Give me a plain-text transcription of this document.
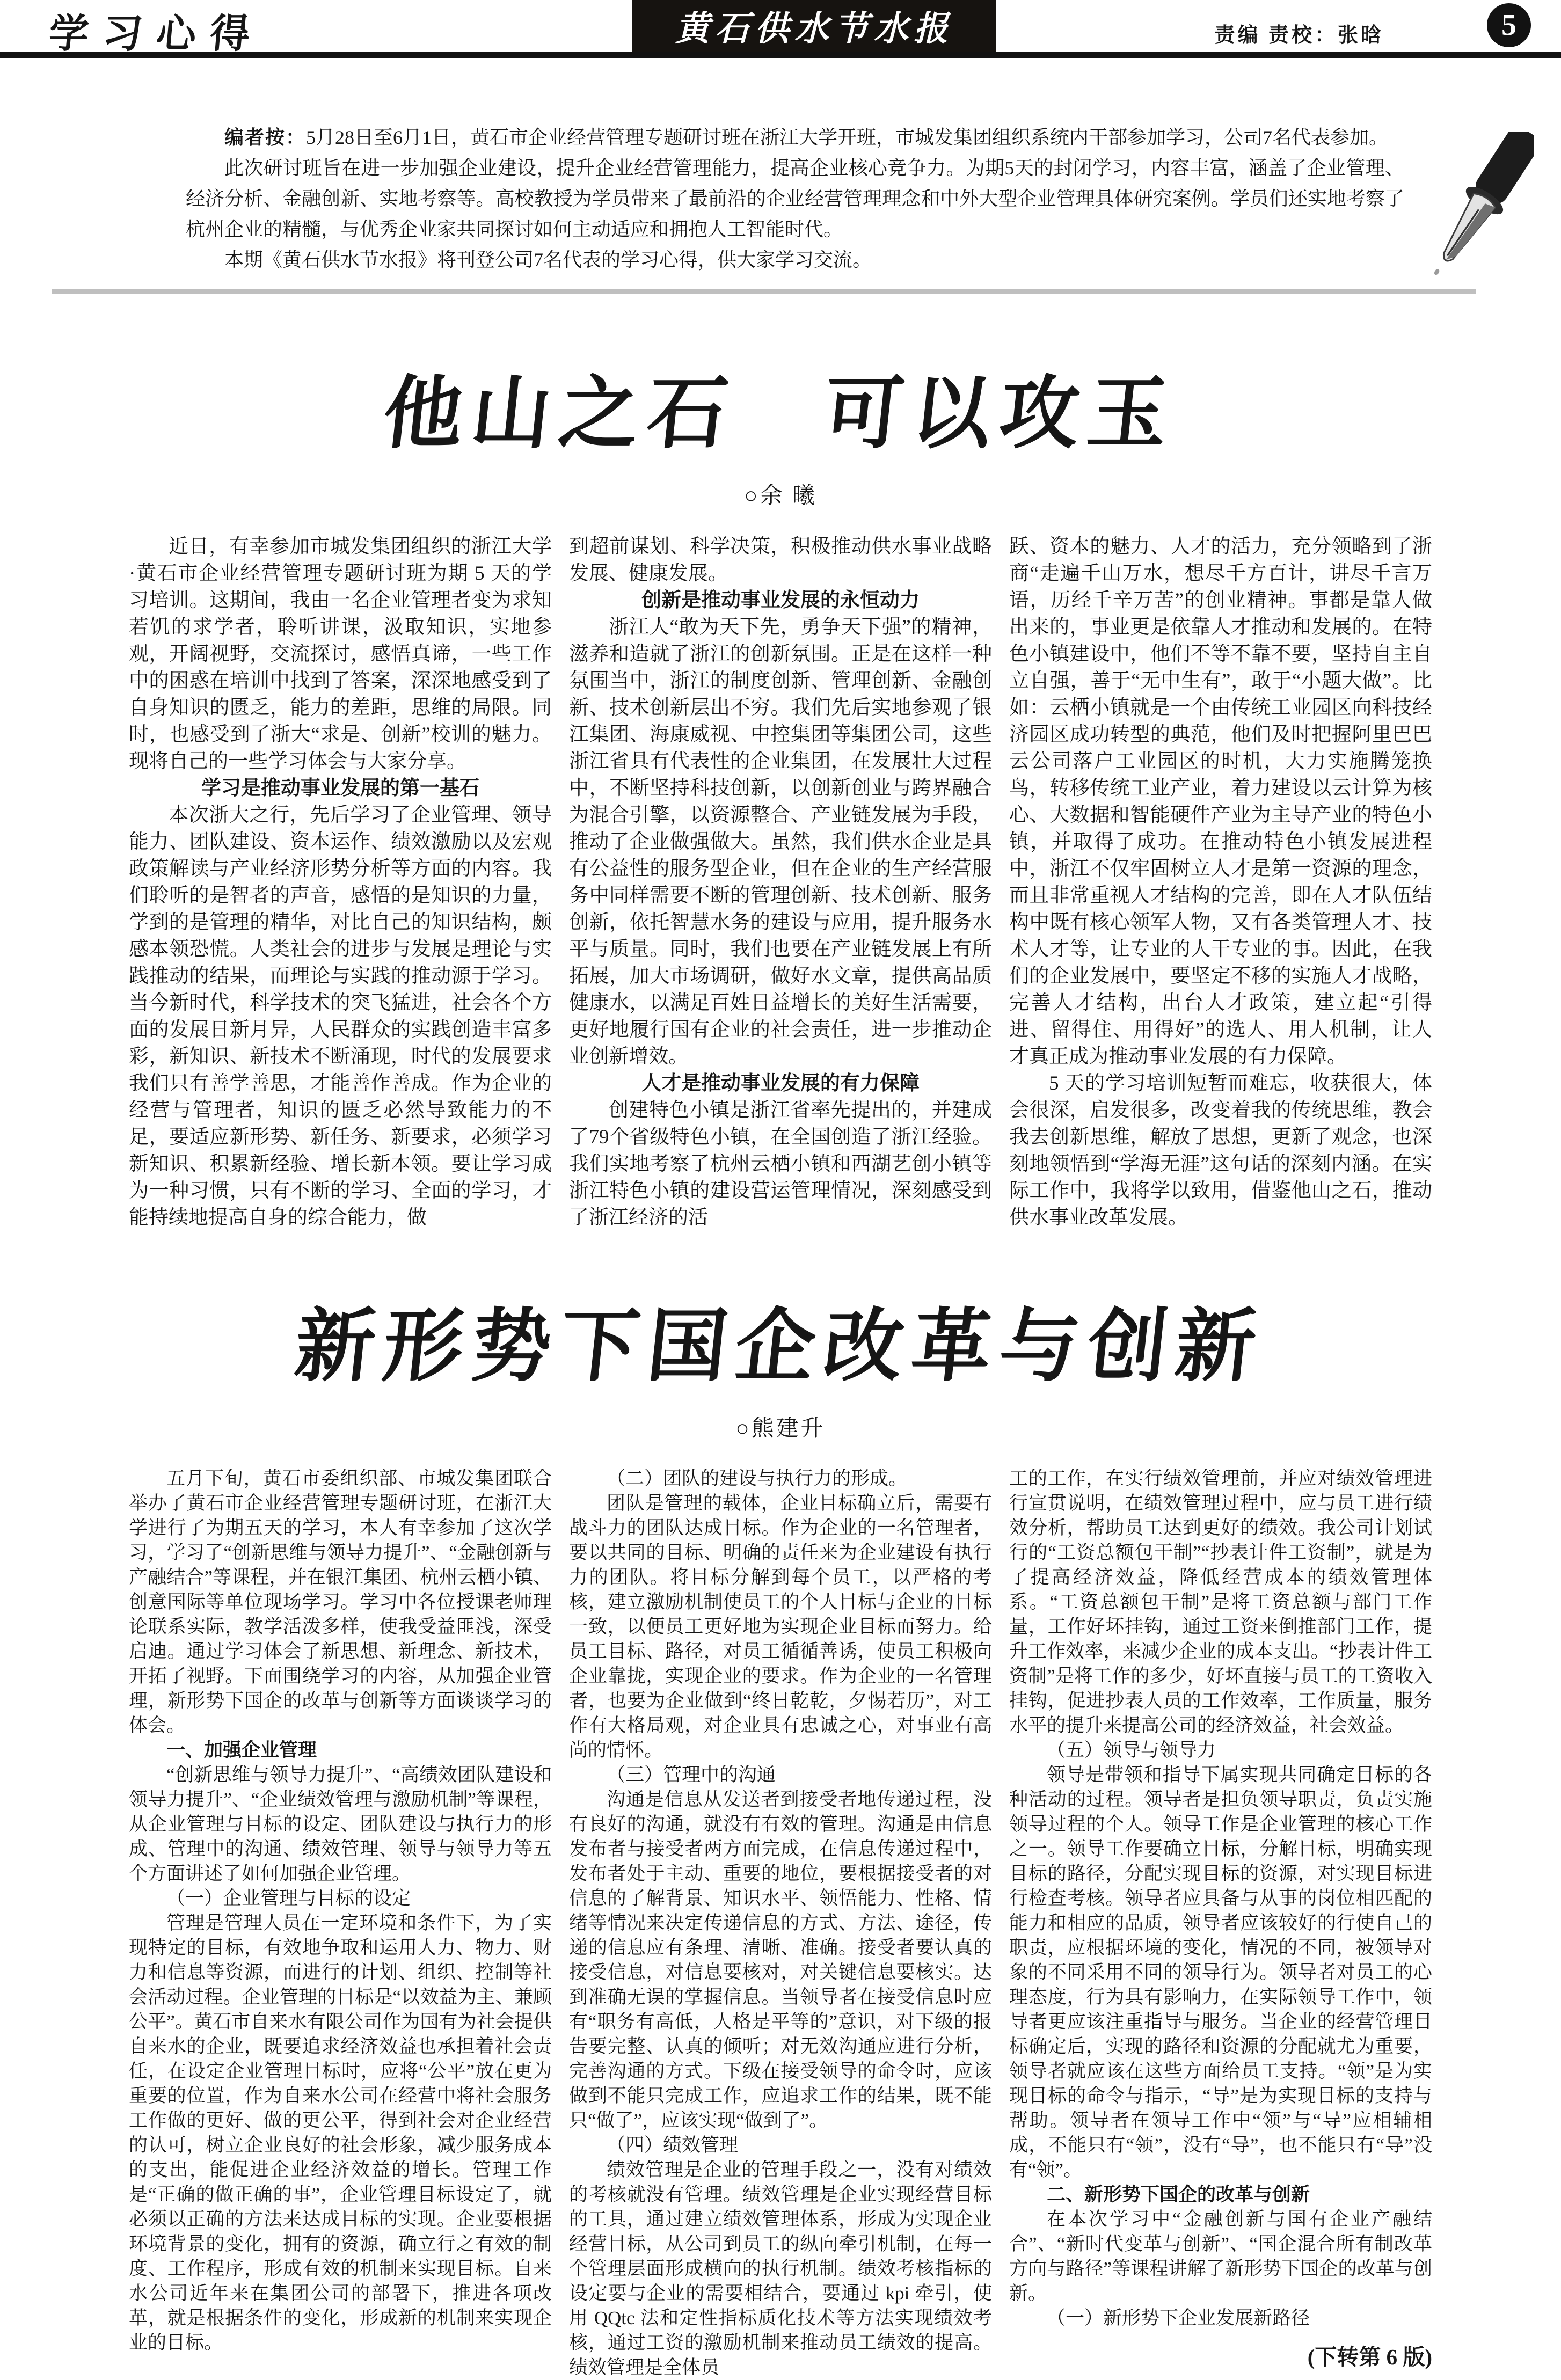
学习心得	黄石供水节水报	责编 责校：张晗	5

编者按：5月28日至6月1日，黄石市企业经营管理专题研讨班在浙江大学开班，市城发集团组织系统内干部参加学习，公司7名代表参加。

此次研讨班旨在进一步加强企业建设，提升企业经营管理能力，提高企业核心竞争力。为期5天的封闭学习，内容丰富，涵盖了企业管理、经济分析、金融创新、实地考察等。高校教授为学员带来了最前沿的企业经营管理理念和中外大型企业管理具体研究案例。学员们还实地考察了杭州企业的精髓，与优秀企业家共同探讨如何主动适应和拥抱人工智能时代。

本期《黄石供水节水报》将刊登公司7名代表的学习心得，供大家学习交流。

他山之石　可以攻玉
○余 曦
近日，有幸参加市城发集团组织的浙江大学·黄石市企业经营管理专题研讨班为期 5 天的学习培训。这期间，我由一名企业管理者变为求知若饥的求学者，聆听讲课，汲取知识，实地参观，开阔视野，交流探讨，感悟真谛，一些工作中的困惑在培训中找到了答案，深深地感受到了自身知识的匮乏，能力的差距，思维的局限。同时，也感受到了浙大“求是、创新”校训的魅力。现将自己的一些学习体会与大家分享。
学习是推动事业发展的第一基石
本次浙大之行，先后学习了企业管理、领导能力、团队建设、资本运作、绩效激励以及宏观政策解读与产业经济形势分析等方面的内容。我们聆听的是智者的声音，感悟的是知识的力量，学到的是管理的精华，对比自己的知识结构，颇感本领恐慌。人类社会的进步与发展是理论与实践推动的结果，而理论与实践的推动源于学习。当今新时代，科学技术的突飞猛进，社会各个方面的发展日新月异，人民群众的实践创造丰富多彩，新知识、新技术不断涌现，时代的发展要求我们只有善学善思，才能善作善成。作为企业的经营与管理者，知识的匮乏必然导致能力的不足，要适应新形势、新任务、新要求，必须学习新知识、积累新经验、增长新本领。要让学习成为一种习惯，只有不断的学习、全面的学习，才能持续地提高自身的综合能力，做
到超前谋划、科学决策，积极推动供水事业战略发展、健康发展。
创新是推动事业发展的永恒动力
浙江人“敢为天下先，勇争天下强”的精神，滋养和造就了浙江的创新氛围。正是在这样一种氛围当中，浙江的制度创新、管理创新、金融创新、技术创新层出不穷。我们先后实地参观了银江集团、海康威视、中控集团等集团公司，这些浙江省具有代表性的企业集团，在发展壮大过程中，不断坚持科技创新，以创新创业与跨界融合为混合引擎，以资源整合、产业链发展为手段，推动了企业做强做大。虽然，我们供水企业是具有公益性的服务型企业，但在企业的生产经营服务中同样需要不断的管理创新、技术创新、服务创新，依托智慧水务的建设与应用，提升服务水平与质量。同时，我们也要在产业链发展上有所拓展，加大市场调研，做好水文章，提供高品质健康水，以满足百姓日益增长的美好生活需要，更好地履行国有企业的社会责任，进一步推动企业创新增效。
人才是推动事业发展的有力保障
创建特色小镇是浙江省率先提出的，并建成了79个省级特色小镇，在全国创造了浙江经验。我们实地考察了杭州云栖小镇和西湖艺创小镇等浙江特色小镇的建设营运管理情况，深刻感受到了浙江经济的活
跃、资本的魅力、人才的活力，充分领略到了浙商“走遍千山万水，想尽千方百计，讲尽千言万语，历经千辛万苦”的创业精神。事都是靠人做出来的，事业更是依靠人才推动和发展的。在特色小镇建设中，他们不等不靠不要，坚持自主自立自强，善于“无中生有”，敢于“小题大做”。比如：云栖小镇就是一个由传统工业园区向科技经济园区成功转型的典范，他们及时把握阿里巴巴云公司落户工业园区的时机，大力实施腾笼换鸟，转移传统工业产业，着力建设以云计算为核心、大数据和智能硬件产业为主导产业的特色小镇，并取得了成功。在推动特色小镇发展进程中，浙江不仅牢固树立人才是第一资源的理念，而且非常重视人才结构的完善，即在人才队伍结构中既有核心领军人物，又有各类管理人才、技术人才等，让专业的人干专业的事。因此，在我们的企业发展中，要坚定不移的实施人才战略，完善人才结构，出台人才政策，建立起“引得进、留得住、用得好”的选人、用人机制，让人才真正成为推动事业发展的有力保障。
5 天的学习培训短暂而难忘，收获很大，体会很深，启发很多，改变着我的传统思维，教会我去创新思维，解放了思想，更新了观念，也深刻地领悟到“学海无涯”这句话的深刻内涵。在实际工作中，我将学以致用，借鉴他山之石，推动供水事业改革发展。
新形势下国企改革与创新
○熊建升
五月下旬，黄石市委组织部、市城发集团联合举办了黄石市企业经营管理专题研讨班，在浙江大学进行了为期五天的学习，本人有幸参加了这次学习，学习了“创新思维与领导力提升”、“金融创新与产融结合”等课程，并在银江集团、杭州云栖小镇、创意国际等单位现场学习。学习中各位授课老师理论联系实际，教学活泼多样，使我受益匪浅，深受启迪。通过学习体会了新思想、新理念、新技术，开拓了视野。下面围绕学习的内容，从加强企业管理，新形势下国企的改革与创新等方面谈谈学习的体会。
一、加强企业管理
“创新思维与领导力提升”、“高绩效团队建设和领导力提升”、“企业绩效管理与激励机制”等课程，从企业管理与目标的设定、团队建设与执行力的形成、管理中的沟通、绩效管理、领导与领导力等五个方面讲述了如何加强企业管理。
（一）企业管理与目标的设定
管理是管理人员在一定环境和条件下，为了实现特定的目标，有效地争取和运用人力、物力、财力和信息等资源，而进行的计划、组织、控制等社会活动过程。企业管理的目标是“以效益为主、兼顾公平”。黄石市自来水有限公司作为国有为社会提供自来水的企业，既要追求经济效益也承担着社会责任，在设定企业管理目标时，应将“公平”放在更为重要的位置，作为自来水公司在经营中将社会服务工作做的更好、做的更公平，得到社会对企业经营的认可，树立企业良好的社会形象，减少服务成本的支出，能促进企业经济效益的增长。管理工作是“正确的做正确的事”，企业管理目标设定了，就必须以正确的方法来达成目标的实现。企业要根据环境背景的变化，拥有的资源，确立行之有效的制度、工作程序，形成有效的机制来实现目标。自来水公司近年来在集团公司的部署下，推进各项改革，就是根据条件的变化，形成新的机制来实现企业的目标。
（二）团队的建设与执行力的形成。
团队是管理的载体，企业目标确立后，需要有战斗力的团队达成目标。作为企业的一名管理者，要以共同的目标、明确的责任来为企业建设有执行力的团队。将目标分解到每个员工，以严格的考核，建立激励机制使员工的个人目标与企业的目标一致，以便员工更好地为实现企业目标而努力。给员工目标、路径，对员工循循善诱，使员工积极向企业靠拢，实现企业的要求。作为企业的一名管理者，也要为企业做到“终日乾乾，夕惕若历”，对工作有大格局观，对企业具有忠诚之心，对事业有高尚的情怀。
（三）管理中的沟通
沟通是信息从发送者到接受者地传递过程，没有良好的沟通，就没有有效的管理。沟通是由信息发布者与接受者两方面完成，在信息传递过程中，发布者处于主动、重要的地位，要根据接受者的对信息的了解背景、知识水平、领悟能力、性格、情绪等情况来决定传递信息的方式、方法、途径，传递的信息应有条理、清晰、准确。接受者要认真的接受信息，对信息要核对，对关键信息要核实。达到准确无误的掌握信息。当领导者在接受信息时应有“职务有高低，人格是平等的”意识，对下级的报告要完整、认真的倾听；对无效沟通应进行分析，完善沟通的方式。下级在接受领导的命令时，应该做到不能只完成工作，应追求工作的结果，既不能只“做了”，应该实现“做到了”。
（四）绩效管理
绩效管理是企业的管理手段之一，没有对绩效的考核就没有管理。绩效管理是企业实现经营目标的工具，通过建立绩效管理体系，形成为实现企业经营目标，从公司到员工的纵向牵引机制，在每一个管理层面形成横向的执行机制。绩效考核指标的设定要与企业的需要相结合，要通过 kpi 牵引，使用 QQtc 法和定性指标质化技术等方法实现绩效考核，通过工资的激励机制来推动员工绩效的提高。绩效管理是全体员
工的工作，在实行绩效管理前，并应对绩效管理进行宣贯说明，在绩效管理过程中，应与员工进行绩效分析，帮助员工达到更好的绩效。我公司计划试行的“工资总额包干制”“抄表计件工资制”，就是为了提高经济效益，降低经营成本的绩效管理体系。“工资总额包干制”是将工资总额与部门工作量，工作好坏挂钩，通过工资来倒推部门工作，提升工作效率，来减少企业的成本支出。“抄表计件工资制”是将工作的多少，好坏直接与员工的工资收入挂钩，促进抄表人员的工作效率，工作质量，服务水平的提升来提高公司的经济效益，社会效益。
（五）领导与领导力
领导是带领和指导下属实现共同确定目标的各种活动的过程。领导者是担负领导职责，负责实施领导过程的个人。领导工作是企业管理的核心工作之一。领导工作要确立目标，分解目标，明确实现目标的路径，分配实现目标的资源，对实现目标进行检查考核。领导者应具备与从事的岗位相匹配的能力和相应的品质，领导者应该较好的行使自己的职责，应根据环境的变化，情况的不同，被领导对象的不同采用不同的领导行为。领导者对员工的心理态度，行为具有影响力，在实际领导工作中，领导者更应该注重指导与服务。当企业的经营管理目标确定后，实现的路径和资源的分配就尤为重要，领导者就应该在这些方面给员工支持。“领”是为实现目标的命令与指示，“导”是为实现目标的支持与帮助。领导者在领导工作中“领”与“导”应相辅相成，不能只有“领”，没有“导”，也不能只有“导”没有“领”。
二、新形势下国企的改革与创新
在本次学习中“金融创新与国有企业产融结合”、“新时代变革与创新”、“国企混合所有制改革方向与路径”等课程讲解了新形势下国企的改革与创新。
（一）新形势下企业发展新路径
(下转第 6 版)
